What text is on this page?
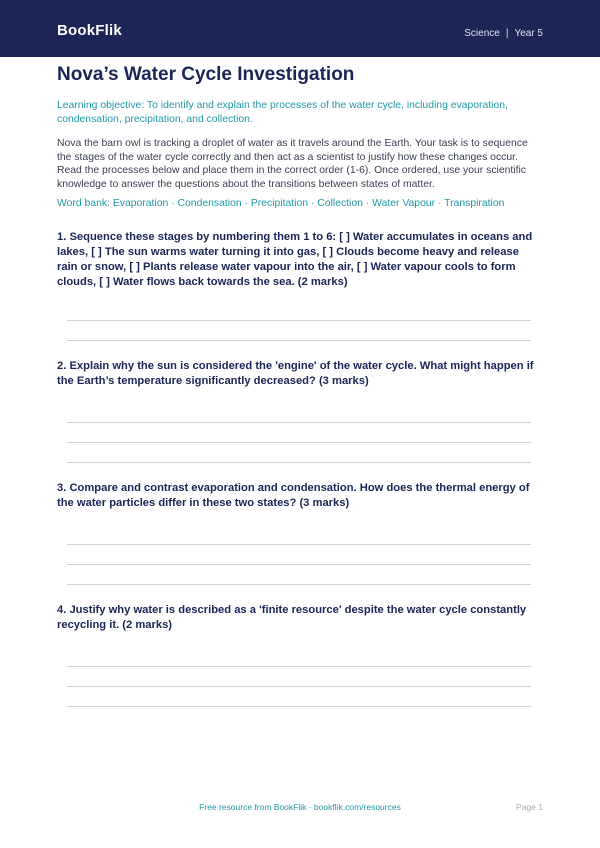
BookFlik	Science | Year 5
Nova’s Water Cycle Investigation
Learning objective: To identify and explain the processes of the water cycle, including evaporation, condensation, precipitation, and collection.
Nova the barn owl is tracking a droplet of water as it travels around the Earth. Your task is to sequence the stages of the water cycle correctly and then act as a scientist to justify how these changes occur. Read the processes below and place them in the correct order (1-6). Once ordered, use your scientific knowledge to answer the questions about the transitions between states of matter.
Word bank: Evaporation · Condensation · Precipitation · Collection · Water Vapour · Transpiration
1. Sequence these stages by numbering them 1 to 6: [ ] Water accumulates in oceans and lakes, [ ] The sun warms water turning it into gas, [ ] Clouds become heavy and release rain or snow, [ ] Plants release water vapour into the air, [ ] Water vapour cools to form clouds, [ ] Water flows back towards the sea. (2 marks)
2. Explain why the sun is considered the 'engine' of the water cycle. What might happen if the Earth’s temperature significantly decreased? (3 marks)
3. Compare and contrast evaporation and condensation. How does the thermal energy of the water particles differ in these two states? (3 marks)
4. Justify why water is described as a 'finite resource' despite the water cycle constantly recycling it. (2 marks)
Free resource from BookFlik · bookflik.com/resources	Page 1
